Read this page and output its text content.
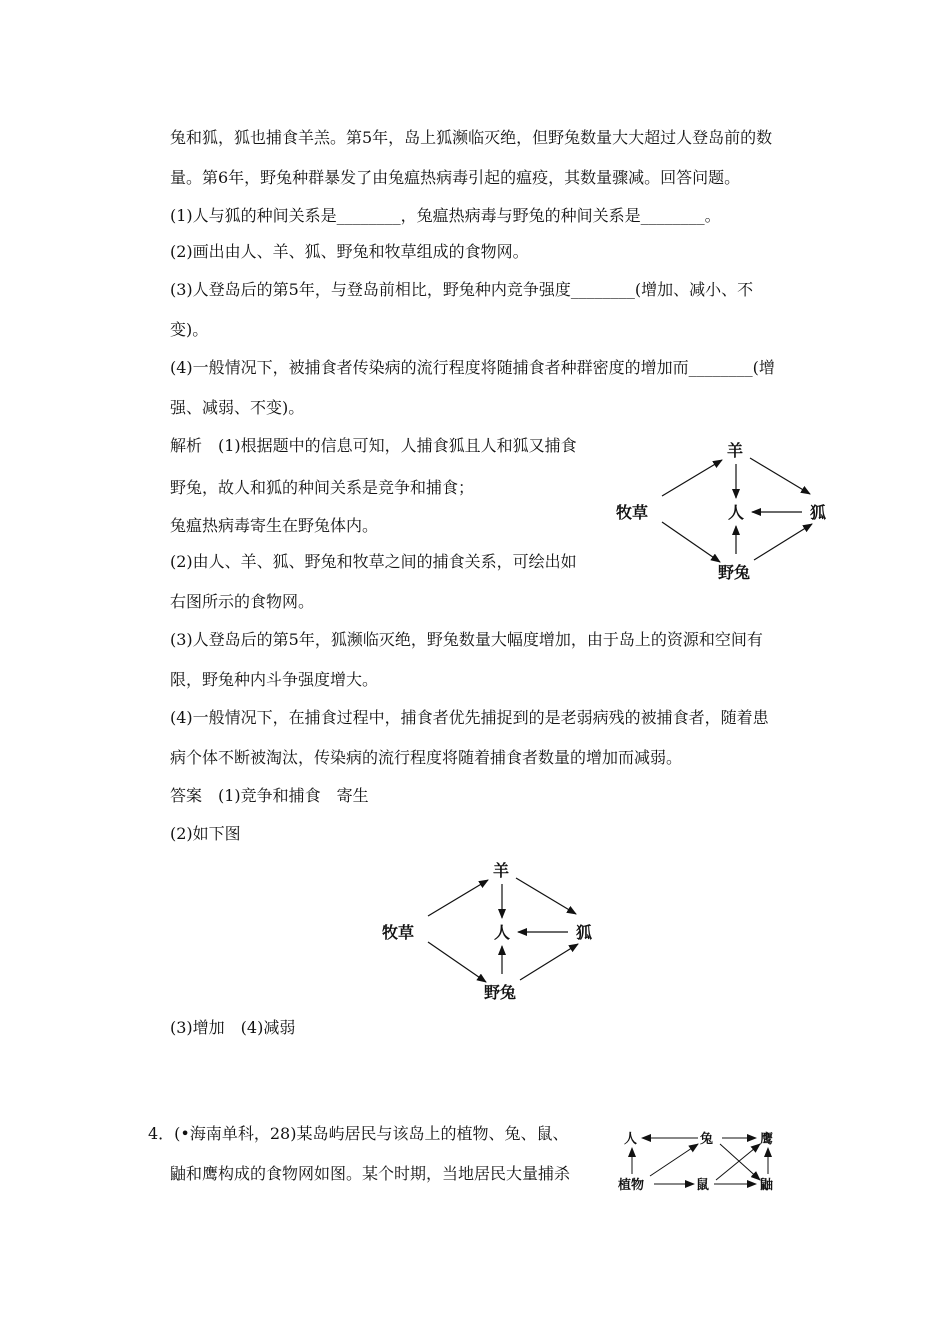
兔和狐，狐也捕食羊羔。第5年，岛上狐濒临灭绝，但野兔数量大大超过人登岛前的数
量。第6年，野兔种群暴发了由兔瘟热病毒引起的瘟疫，其数量骤减。回答问题。
(1)人与狐的种间关系是________，兔瘟热病毒与野兔的种间关系是________。
(2)画出由人、羊、狐、野兔和牧草组成的食物网。
(3)人登岛后的第5年，与登岛前相比，野兔种内竞争强度________(增加、减小、不
变)。
(4)一般情况下，被捕食者传染病的流行程度将随捕食者种群密度的增加而________(增
强、减弱、不变)。
解析　(1)根据题中的信息可知，人捕食狐且人和狐又捕食
野兔，故人和狐的种间关系是竞争和捕食；
兔瘟热病毒寄生在野兔体内。
(2)由人、羊、狐、野兔和牧草之间的捕食关系，可绘出如
右图所示的食物网。
(3)人登岛后的第5年，狐濒临灭绝，野兔数量大幅度增加，由于岛上的资源和空间有
限，野兔种内斗争强度增大。
(4)一般情况下，在捕食过程中，捕食者优先捕捉到的是老弱病残的被捕食者，随着患
病个体不断被淘汰，传染病的流行程度将随着捕食者数量的增加而减弱。
答案　(1)竞争和捕食　寄生
(2)如下图
(3)增加　(4)减弱
4．(•海南单科，28)某岛屿居民与该岛上的植物、兔、鼠、
鼬和鹰构成的食物网如图。某个时期，当地居民大量捕杀
羊
牧草	人	狐
野兔
羊
牧草	人	狐
野兔
人	兔	鹰
植物	鼠	鼬
